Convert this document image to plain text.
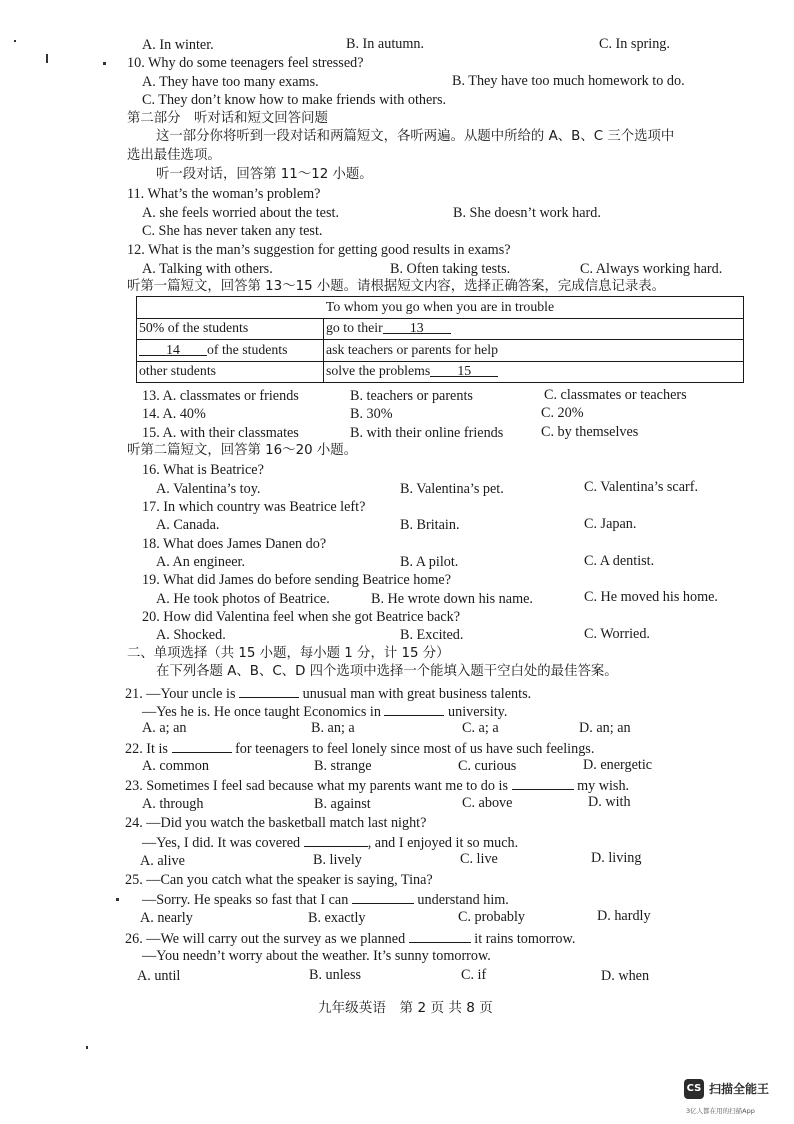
A. In winter.	B. In autumn.	C. In spring.
10. Why do some teenagers feel stressed?
A. They have too many exams.	B. They have too much homework to do.
C. They don’t know how to make friends with others.
第二部分　听对话和短文回答问题
这一部分你将听到一段对话和两篇短文，各听两遍。从题中所给的 A、B、C 三个选项中
选出最佳选项。
听一段对话，回答第 11～12 小题。
11. What’s the woman’s problem?
A. she feels worried about the test.	B. She doesn’t work hard.
C. She has never taken any test.
12. What is the man’s suggestion for getting good results in exams?
A. Talking with others.	B. Often taking tests.	C. Always working hard.
听第一篇短文，回答第 13～15 小题。请根据短文内容，选择正确答案，完成信息记录表。
To whom you go when you are in trouble	
50% of the students	go to their 13
14 of the students	ask teachers or parents for help
other students	solve the problems 15
13. A. classmates or friends	B. teachers or parents	C. classmates or teachers
14. A. 40%	B. 30%	C. 20%
15. A. with their classmates	B. with their online friends	C. by themselves
听第二篇短文，回答第 16～20 小题。
16. What is Beatrice?
A. Valentina’s toy.	B. Valentina’s pet.	C. Valentina’s scarf.
17. In which country was Beatrice left?
A. Canada.	B. Britain.	C. Japan.
18. What does James Danen do?
A. An engineer.	B. A pilot.	C. A dentist.
19. What did James do before sending Beatrice home?
A. He took photos of Beatrice.	B. He wrote down his name.	C. He moved his home.
20. How did Valentina feel when she got Beatrice back?
A. Shocked.	B. Excited.	C. Worried.
二、单项选择（共 15 小题，每小题 1 分，计 15 分）
在下列各题 A、B、C、D 四个选项中选择一个能填入题干空白处的最佳答案。
21. —Your uncle is	unusual man with great business talents.
—Yes he is. He once taught Economics in	university.
A. a; an	B. an; a	C. a; a	D. an; an
22. It is	for teenagers to feel lonely since most of us have such feelings.
A. common	B. strange	C. curious	D. energetic
23. Sometimes I feel sad because what my parents want me to do is	my wish.
A. through	B. against	C. above	D. with
24. —Did you watch the basketball match last night?
—Yes, I did. It was covered	, and I enjoyed it so much.
A. alive	B. lively	C. live	D. living
25. —Can you catch what the speaker is saying, Tina?
—Sorry. He speaks so fast that I can	understand him.
A. nearly	B. exactly	C. probably	D. hardly
26. —We will carry out the survey as we planned	it rains tomorrow.
—You needn’t worry about the weather. It’s sunny tomorrow.
A. until	B. unless	C. if	D. when
九年级英语　第 2 页 共 8 页
CS 扫描全能王
3亿人都在用的扫描App
